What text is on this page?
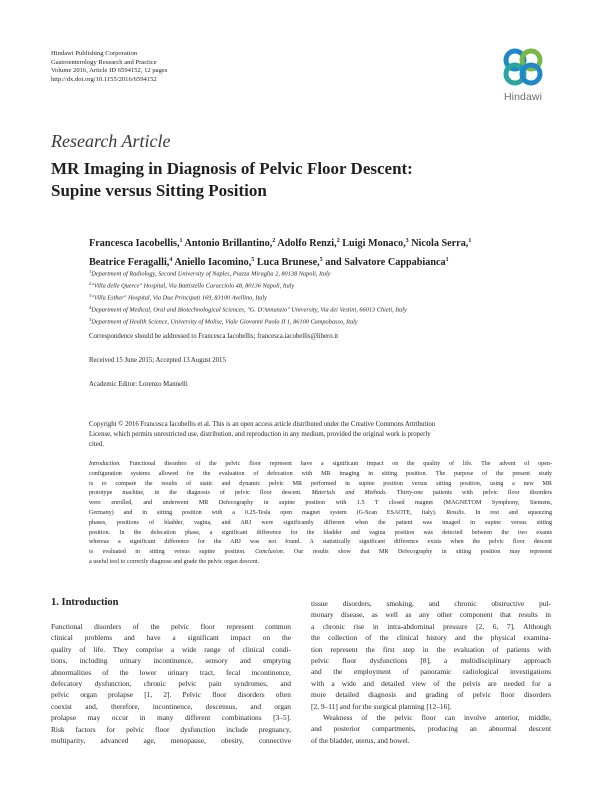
Hindawi Publishing Corporation
Gastroenterology Research and Practice
Volume 2016, Article ID 6594152, 12 pages
http://dx.doi.org/10.1155/2016/6594152
Hindawi
Research Article
MR Imaging in Diagnosis of Pelvic Floor Descent:
Supine versus Sitting Position
Francesca Iacobellis,$^1$ Antonio Brillantino,$^2$ Adolfo Renzi,$^2$ Luigi Monaco,$^3$ Nicola Serra,$^1$
Beatrice Feragalli,$^4$ Aniello Iacomino,$^5$ Luca Brunese,$^5$ and Salvatore Cappabianca$^1$
$^1$Department of Radiology, Second University of Naples, Piazza Miraglia 2, 80138 Napoli, Italy
$^2$"Villa delle Querce" Hospital, Via Battistello Caracciolo 48, 80136 Napoli, Italy
$^3$"Villa Esther" Hospital, Via Due Principati 169, 83100 Avellino, Italy
$^4$Department of Medical, Oral and Biotechnological Sciences, "G. D'Annunzio" University, Via dei Vestini, 66013 Chieti, Italy
$^5$Department of Health Science, University of Molise, Viale Giovanni Paolo II 1, 86100 Campobasso, Italy
Correspondence should be addressed to Francesca Iacobellis; francesca.iacobellis@libero.it
Received 15 June 2015; Accepted 13 August 2015
Academic Editor: Lorenzo Mannelli
Copyright © 2016 Francesca Iacobellis et al. This is an open access article distributed under the Creative Commons Attribution
License, which permits unrestricted use, distribution, and reproduction in any medium, provided the original work is properly
cited.
Introduction. Functional disorders of the pelvic floor represent have a significant impact on the quality of life. The advent of open-
configuration systems allowed for the evaluation of defecation with MR imaging in sitting position. The purpose of the present study
is to compare the results of static and dynamic pelvic MR performed in supine position versus sitting position, using a new MR
prototype machine, in the diagnosis of pelvic floor descent. Materials and Methods. Thirty-one patients with pelvic floor disorders
were enrolled, and underwent MR Defecography in supine position with 1.5 T closed magnet (MAGNETOM Symphony, Siemens,
Germany) and in sitting position with a 0.25-Tesla open magnet system (G-Scan ESAOTE, Italy). Results. In rest and squeezing
phases, positions of bladder, vagina, and ARJ were significantly different when the patient was imaged in supine versus sitting
position. In the defecation phase, a significant difference for the bladder and vagina position was detected between the two exams
whereas a significant difference for the ARJ was not found. A statistically significant difference exists when the pelvic floor descent
is evaluated in sitting versus supine position. Conclusion. Our results show that MR Defecography in sitting position may represent
a useful tool to correctly diagnose and grade the pelvic organ descent.
1. Introduction
Functional disorders of the pelvic floor represent common
clinical problems and have a significant impact on the
quality of life. They comprise a wide range of clinical condi-
tions, including urinary incontinence, sensory and emptying
abnormalities of the lower urinary tract, fecal incontinence,
defecatory dysfunction, chronic pelvic pain syndromes, and
pelvic organ prolapse [1, 2]. Pelvic floor disorders often
coexist and, therefore, incontinence, descensus, and organ
prolapse may occur in many different combinations [3–5].
Risk factors for pelvic floor dysfunction include pregnancy,
multiparity, advanced age, menopause, obesity, connective
tissue disorders, smoking, and chronic obstructive pul-
monary disease, as well as any other component that results in
a chronic rise in intra-abdominal pressure [2, 6, 7]. Although
the collection of the clinical history and the physical examina-
tion represent the first step in the evaluation of patients with
pelvic floor dysfunctions [8], a multidisciplinary approach
and the employment of panoramic radiological investigations
with a wide and detailed view of the pelvis are needed for a
more detailed diagnosis and grading of pelvic floor disorders
[2, 9–11] and for the surgical planning [12–16].
Weakness of the pelvic floor can involve anterior, middle,
and posterior compartments, producing an abnormal descent
of the bladder, uterus, and bowel.
